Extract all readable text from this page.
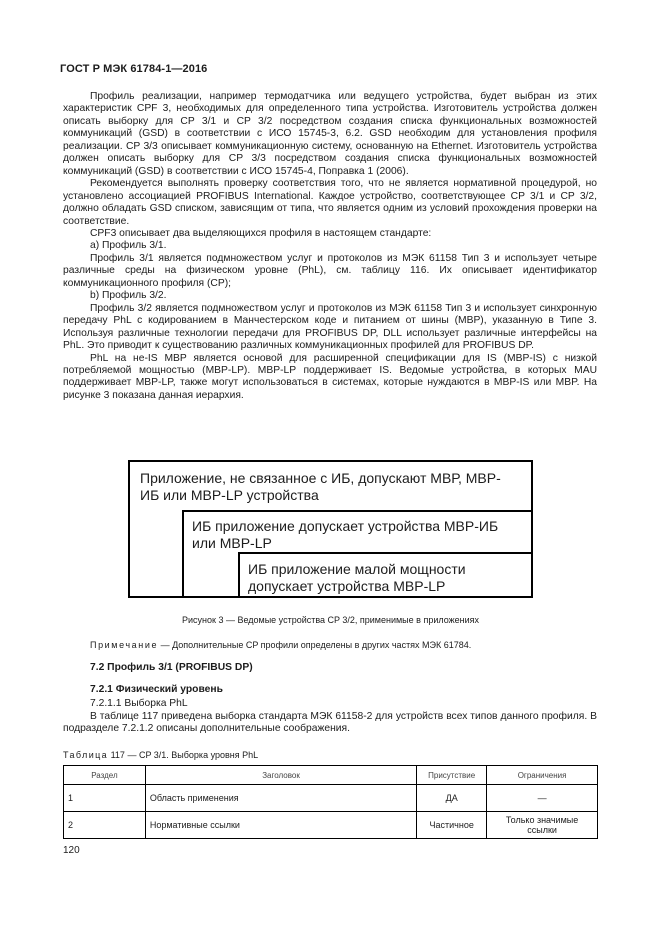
ГОСТ Р МЭК 61784-1—2016

Профиль реализации, например термодатчика или ведущего устройства, будет выбран из этих характеристик CPF 3, необходимых для определенного типа устройства. Изготовитель устройства должен описать выборку для CP 3/1 и CP 3/2 посредством создания списка функциональных возможностей коммуникаций (GSD) в соответствии с ИСО 15745-3, 6.2. GSD необходим для установления профиля реализации. CP 3/3 описывает коммуникационную систему, основанную на Ethernet. Изготовитель устройства должен описать выборку для CP 3/3 посредством создания списка функциональных возможностей коммуникаций (GSD) в соответствии с ИСО 15745-4, Поправка 1 (2006).

Рекомендуется выполнять проверку соответствия того, что не является нормативной процедурой, но установлено ассоциацией PROFIBUS International. Каждое устройство, соответствующее CP 3/1 и CP 3/2, должно обладать GSD списком, зависящим от типа, что является одним из условий прохождения проверки на соответствие.

CPF3 описывает два выделяющихся профиля в настоящем стандарте:

a) Профиль 3/1.

Профиль 3/1 является подмножеством услуг и протоколов из МЭК 61158 Тип 3 и использует четыре различные среды на физическом уровне (PhL), см. таблицу 116. Их описывает идентификатор коммуникационного профиля (CP);

b) Профиль 3/2.

Профиль 3/2 является подмножеством услуг и протоколов из МЭК 61158 Тип 3 и использует синхронную передачу PhL с кодированием в Манчестерском коде и питанием от шины (MBP), указанную в Типе 3. Используя различные технологии передачи для PROFIBUS DP, DLL использует различные интерфейсы на PhL. Это приводит к существованию различных коммуникационных профилей для PROFIBUS DP.

PhL на не-IS MBP является основой для расширенной спецификации для IS (MBP-IS) с низкой потребляемой мощностью (MBP-LP). MBP-LP поддерживает IS. Ведомые устройства, в которых MAU поддерживает MBP-LP, также могут использоваться в системах, которые нуждаются в MBP-IS или MBP. На рисунке 3 показана данная иерархия.

Приложение, не связанное с ИБ, допускают МВР, МВР-ИБ или МВР-LP устройства
ИБ приложение допускает устройства МВР-ИБ или МВР-LP
ИБ приложение малой мощности допускает устройства МВР-LP
Рисунок 3 — Ведомые устройства CP 3/2, применимые в приложениях
Примечание — Дополнительные CP профили определены в других частях МЭК 61784.
7.2 Профиль 3/1 (PROFIBUS DP)
7.2.1 Физический уровень
7.2.1.1 Выборка PhL

В таблице 117 приведена выборка стандарта МЭК 61158-2 для устройств всех типов данного профиля. В подразделе 7.2.1.2 описаны дополнительные соображения.

Таблица 117 — CP 3/1. Выборка уровня PhL
Раздел	Заголовок	Присутствие	Ограничения
1	Область применения	ДА	—
2	Нормативные ссылки	Частичное	Только значимые ссылки
120
